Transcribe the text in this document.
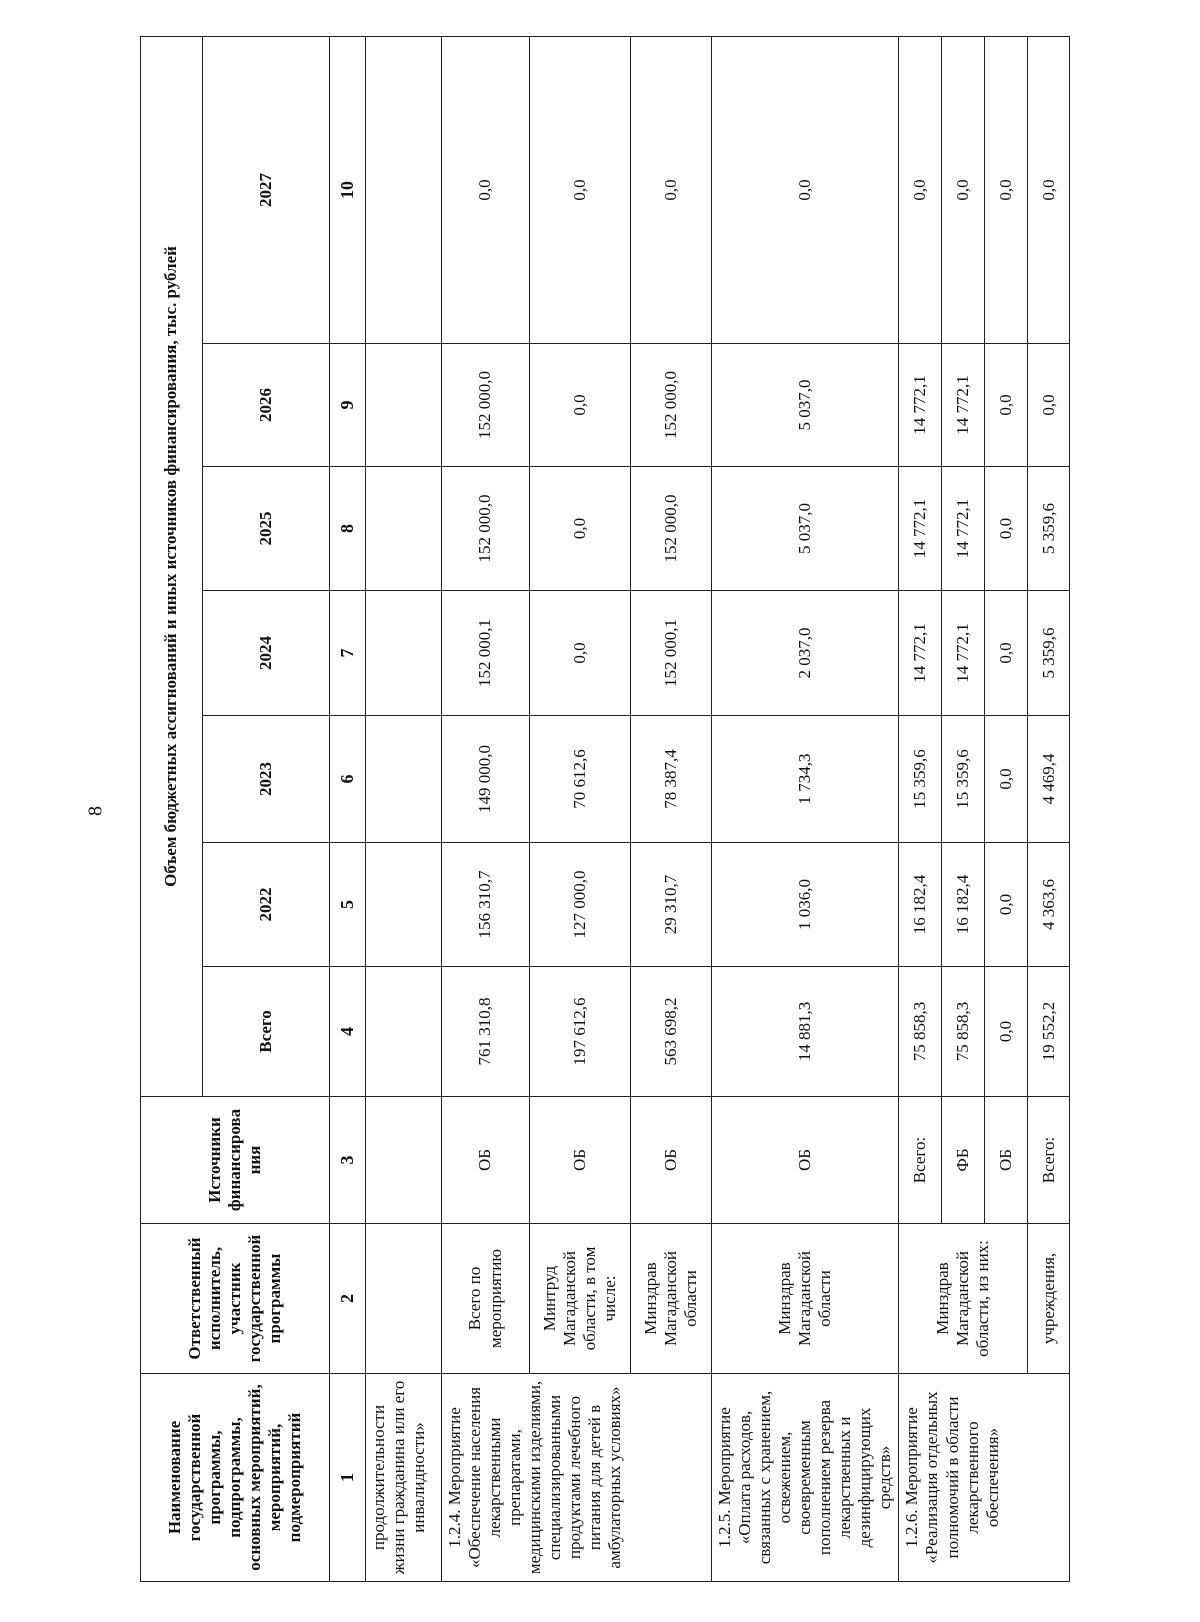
8
Наименование государственной программы, подпрограммы, основных мероприятий, мероприятий, подмероприятий	Ответственный исполнитель, участник государственной программы	Источники финансирова ния	Объем бюджетных ассигнований и иных источников финансирования, тыс. рублей						
			Всего	2022	2023	2024	2025	2026	2027
1	2	3	4	5	6	7	8	9	10
продолжительности жизни гражданина или его инвалидности»									
1.2.4. Мероприятие «Обеспечение населения лекарственными препаратами, медицинскими изделиями, специализированными продуктами лечебного питания для детей в амбулаторных условиях»	Всего по мероприятию	ОБ	761 310,8	156 310,7	149 000,0	152 000,1	152 000,0	152 000,0	0,0
	Минтруд Магаданской области, в том числе:	ОБ	197 612,6	127 000,0	70 612,6	0,0	0,0	0,0	0,0
	Минздрав Магаданской области	ОБ	563 698,2	29 310,7	78 387,4	152 000,1	152 000,0	152 000,0	0,0
1.2.5. Мероприятие «Оплата расходов, связанных с хранением, освежением, своевременным пополнением резерва лекарственных и дезинфицирующих средств»	Минздрав Магаданской области	ОБ	14 881,3	1 036,0	1 734,3	2 037,0	5 037,0	5 037,0	0,0
1.2.6. Мероприятие «Реализация отдельных полномочий в области лекарственного обеспечения»	Минздрав Магаданской области, из них:	Всего:	75 858,3	16 182,4	15 359,6	14 772,1	14 772,1	14 772,1	0,0
		ФБ	75 858,3	16 182,4	15 359,6	14 772,1	14 772,1	14 772,1	0,0
		ОБ	0,0	0,0	0,0	0,0	0,0	0,0	0,0
	учреждения,	Всего:	19 552,2	4 363,6	4 469,4	5 359,6	5 359,6	0,0	0,0
